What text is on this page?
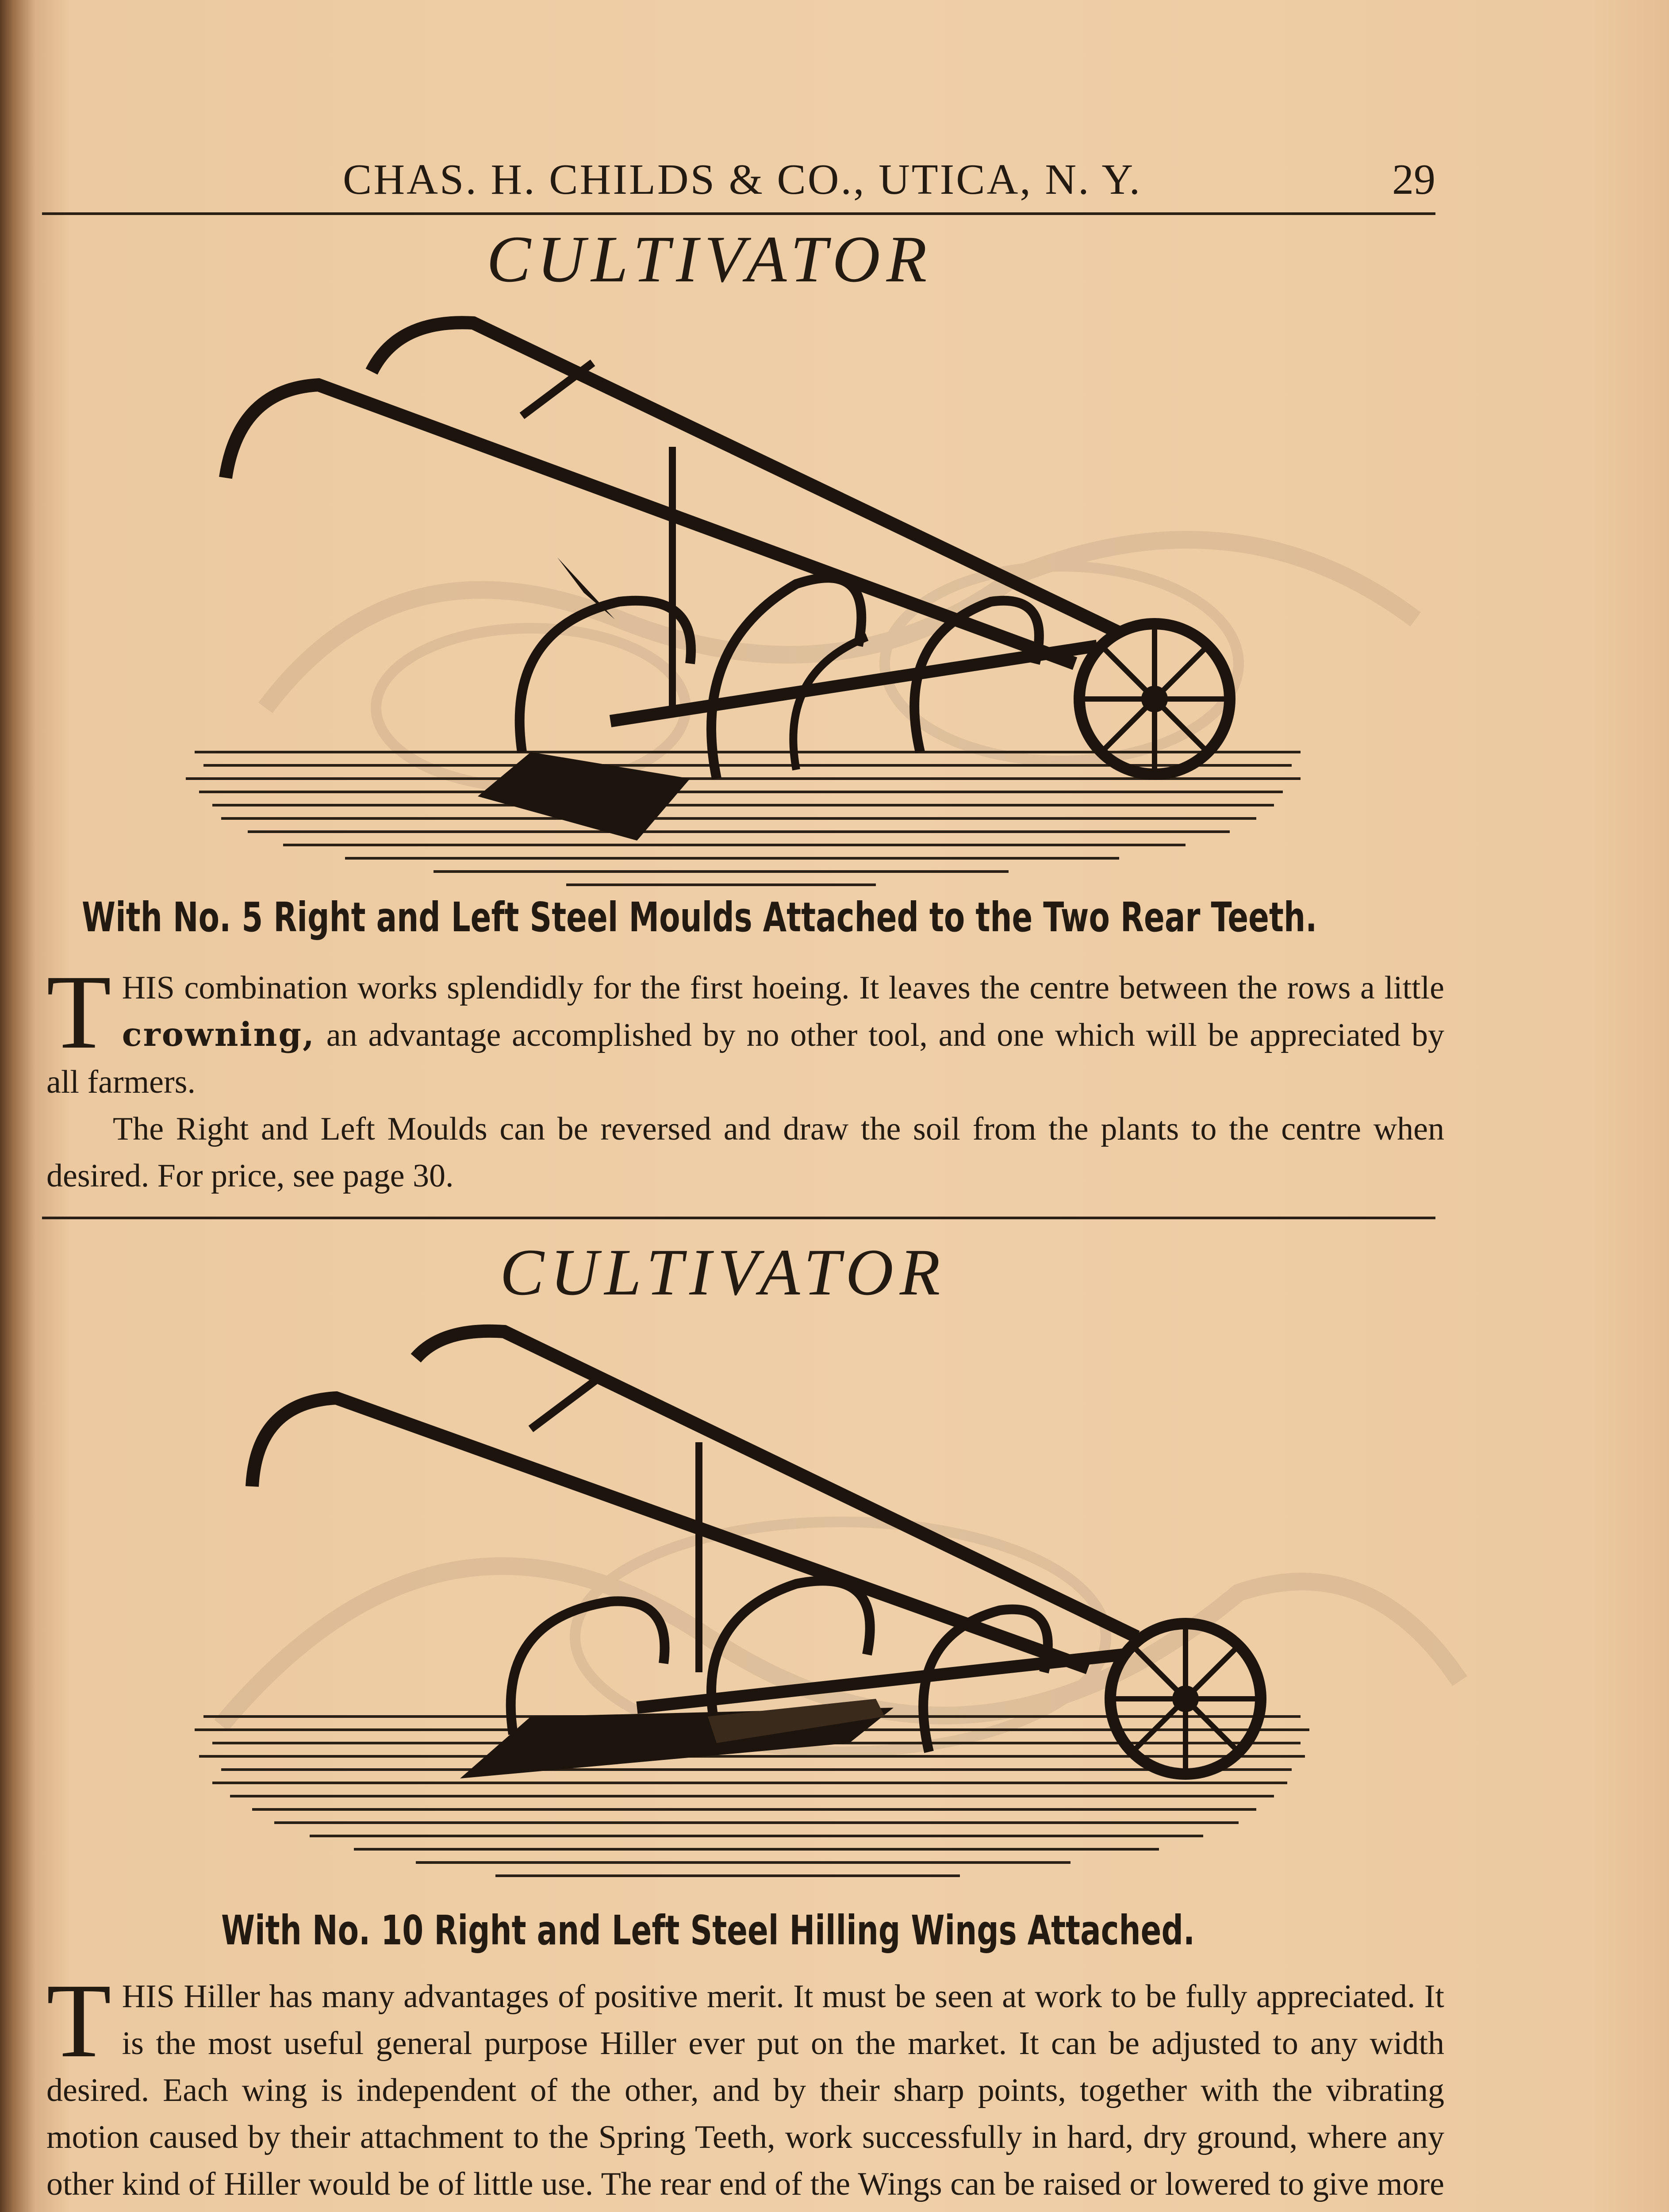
CHAS. H. CHILDS & CO., UTICA, N. Y.	29
CULTIVATOR
With No. 5 Right and Left Steel Moulds Attached to the Two Rear Teeth.

THIS combination works splendidly for the first hoeing. It leaves the centre between the rows a little crowning, an advantage accomplished by no other tool, and one which will be appreciated by all farmers.

The Right and Left Moulds can be reversed and draw the soil from the plants to the centre when desired. For price, see page 30.

CULTIVATOR
With No. 10 Right and Left Steel Hilling Wings Attached.

THIS Hiller has many advantages of positive merit. It must be seen at work to be fully appreciated. It is the most useful general purpose Hiller ever put on the market. It can be adjusted to any width desired. Each wing is independent of the other, and by their sharp points, together with the vibrating motion caused by their attachment to the Spring Teeth, work successfully in hard, dry ground, where any other kind of Hiller would be of little use. The rear end of the Wings can be raised or lowered to give more
